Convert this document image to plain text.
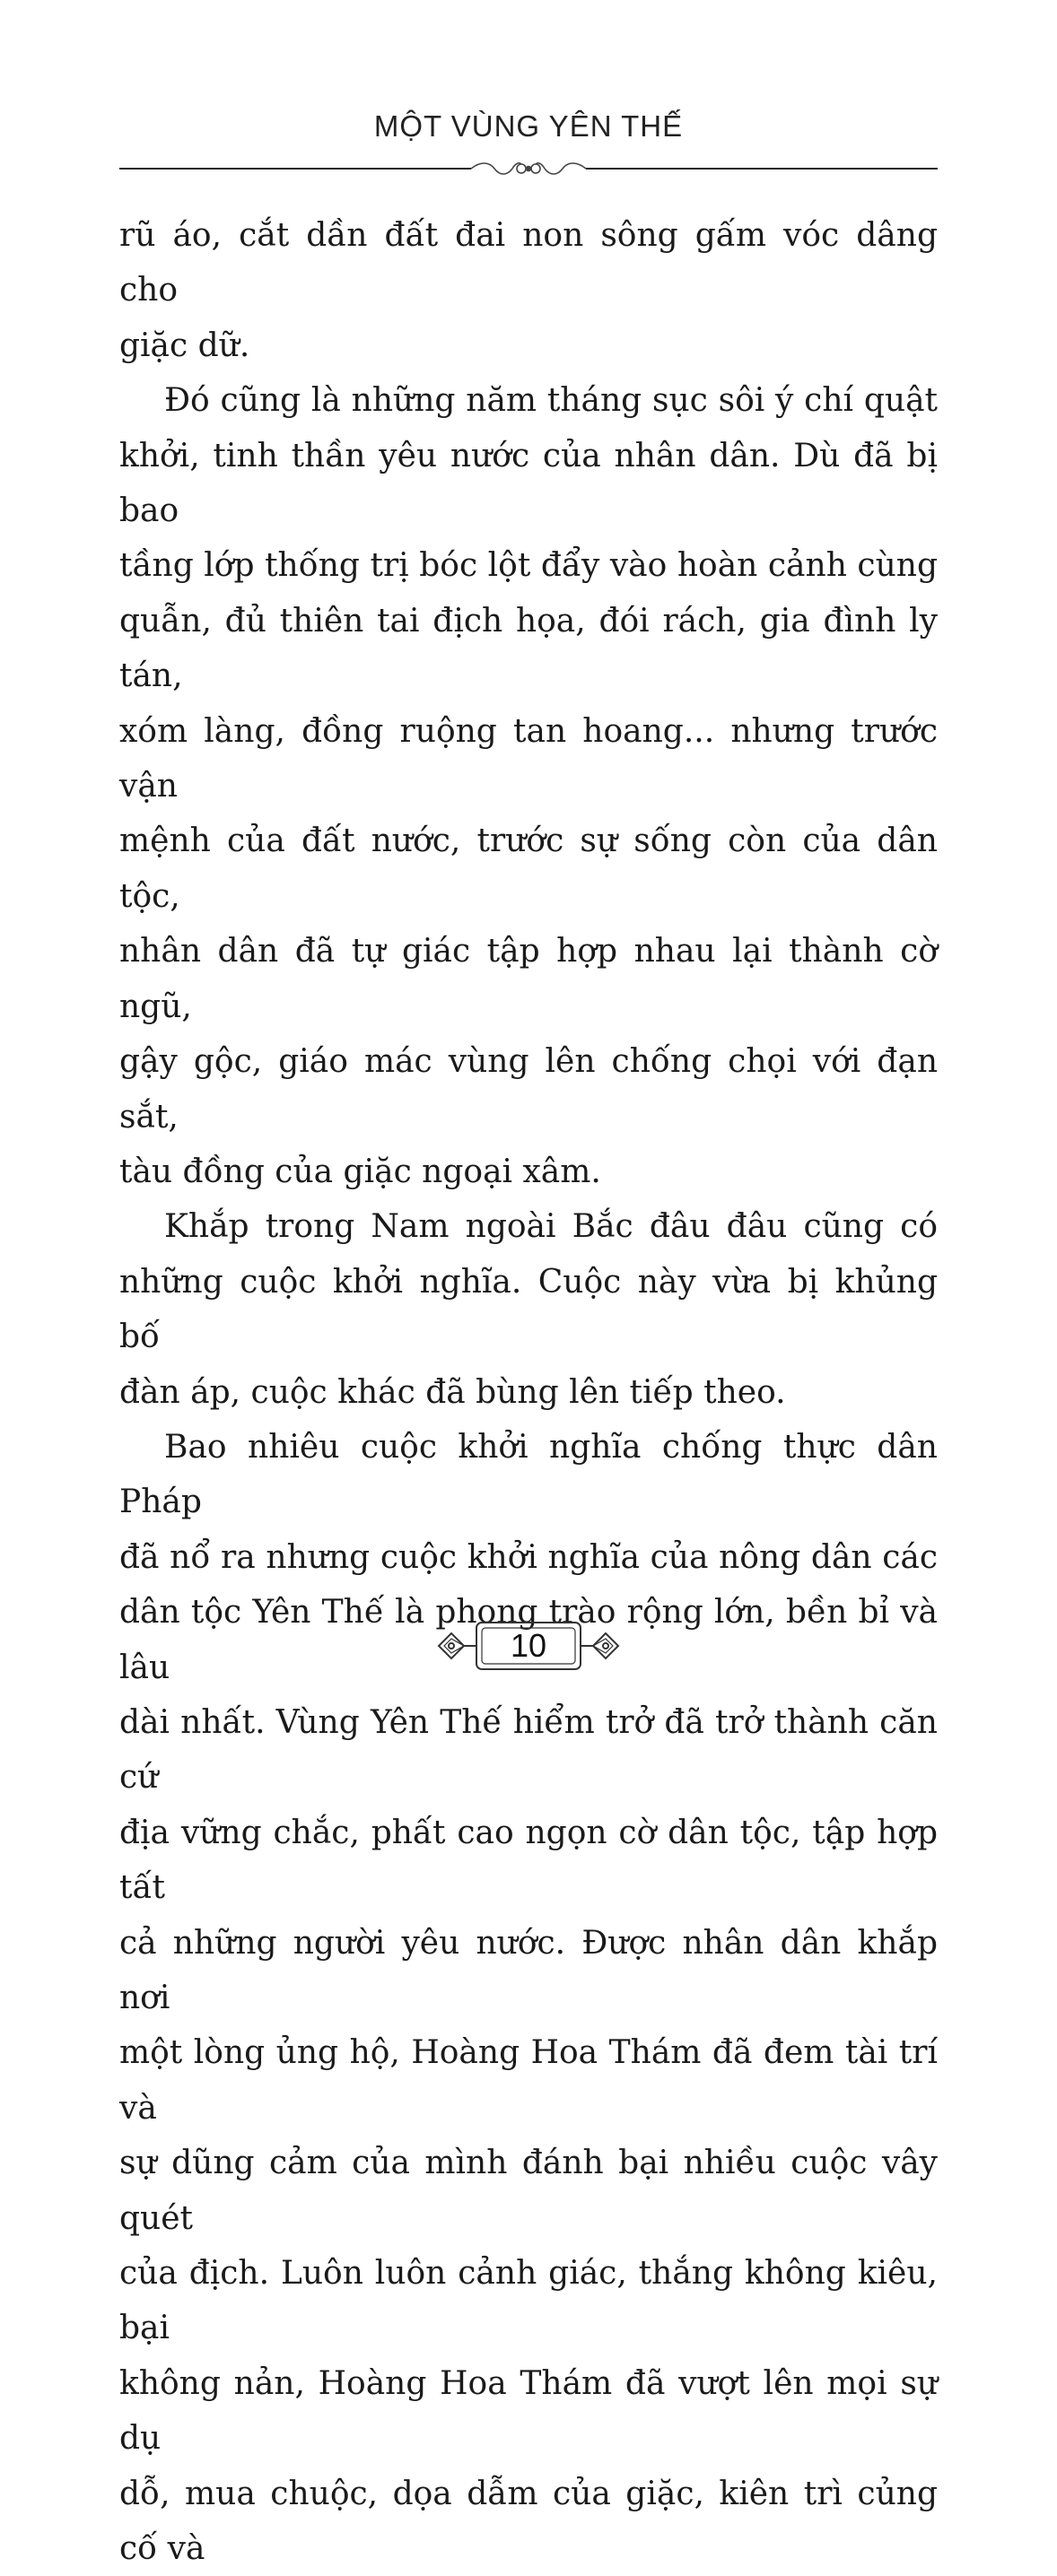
MỘT VÙNG YÊN THẾ

rũ áo, cắt dần đất đai non sông gấm vóc dâng cho
giặc dữ.

Đó cũng là những năm tháng sục sôi ý chí quật
khởi, tinh thần yêu nước của nhân dân. Dù đã bị bao
tầng lớp thống trị bóc lột đẩy vào hoàn cảnh cùng
quẫn, đủ thiên tai địch họa, đói rách, gia đình ly tán,
xóm làng, đồng ruộng tan hoang... nhưng trước vận
mệnh của đất nước, trước sự sống còn của dân tộc,
nhân dân đã tự giác tập hợp nhau lại thành cờ ngũ,
gậy gộc, giáo mác vùng lên chống chọi với đạn sắt,
tàu đồng của giặc ngoại xâm.

Khắp trong Nam ngoài Bắc đâu đâu cũng có
những cuộc khởi nghĩa. Cuộc này vừa bị khủng bố
đàn áp, cuộc khác đã bùng lên tiếp theo.

Bao nhiêu cuộc khởi nghĩa chống thực dân Pháp
đã nổ ra nhưng cuộc khởi nghĩa của nông dân các
dân tộc Yên Thế là phong trào rộng lớn, bền bỉ và lâu
dài nhất. Vùng Yên Thế hiểm trở đã trở thành căn cứ
địa vững chắc, phất cao ngọn cờ dân tộc, tập hợp tất
cả những người yêu nước. Được nhân dân khắp nơi
một lòng ủng hộ, Hoàng Hoa Thám đã đem tài trí và
sự dũng cảm của mình đánh bại nhiều cuộc vây quét
của địch. Luôn luôn cảnh giác, thắng không kiêu, bại
không nản, Hoàng Hoa Thám đã vượt lên mọi sự dụ
dỗ, mua chuộc, dọa dẫm của giặc, kiên trì củng cố và

10
